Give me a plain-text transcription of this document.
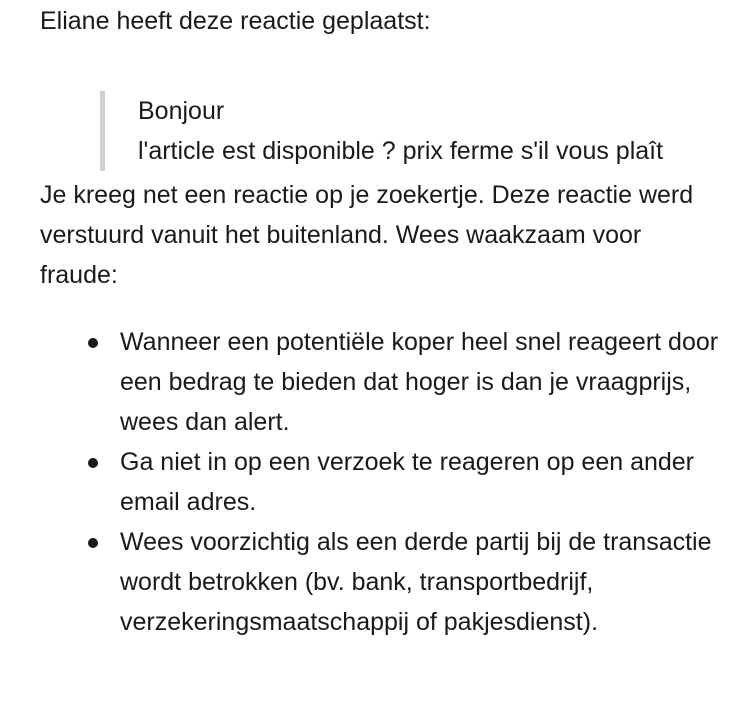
Eliane heeft deze reactie geplaatst:

Bonjour

l'article est disponible ? prix ferme s'il vous plaît

Je kreeg net een reactie op je zoekertje. Deze reactie werd verstuurd vanuit het buitenland. Wees waakzaam voor fraude:

Wanneer een potentiële koper heel snel reageert door een bedrag te bieden dat hoger is dan je vraagprijs, wees dan alert.
Ga niet in op een verzoek te reageren op een ander email adres.
Wees voorzichtig als een derde partij bij de transactie wordt betrokken (bv. bank, transportbedrijf, verzekeringsmaatschappij of pakjesdienst).
